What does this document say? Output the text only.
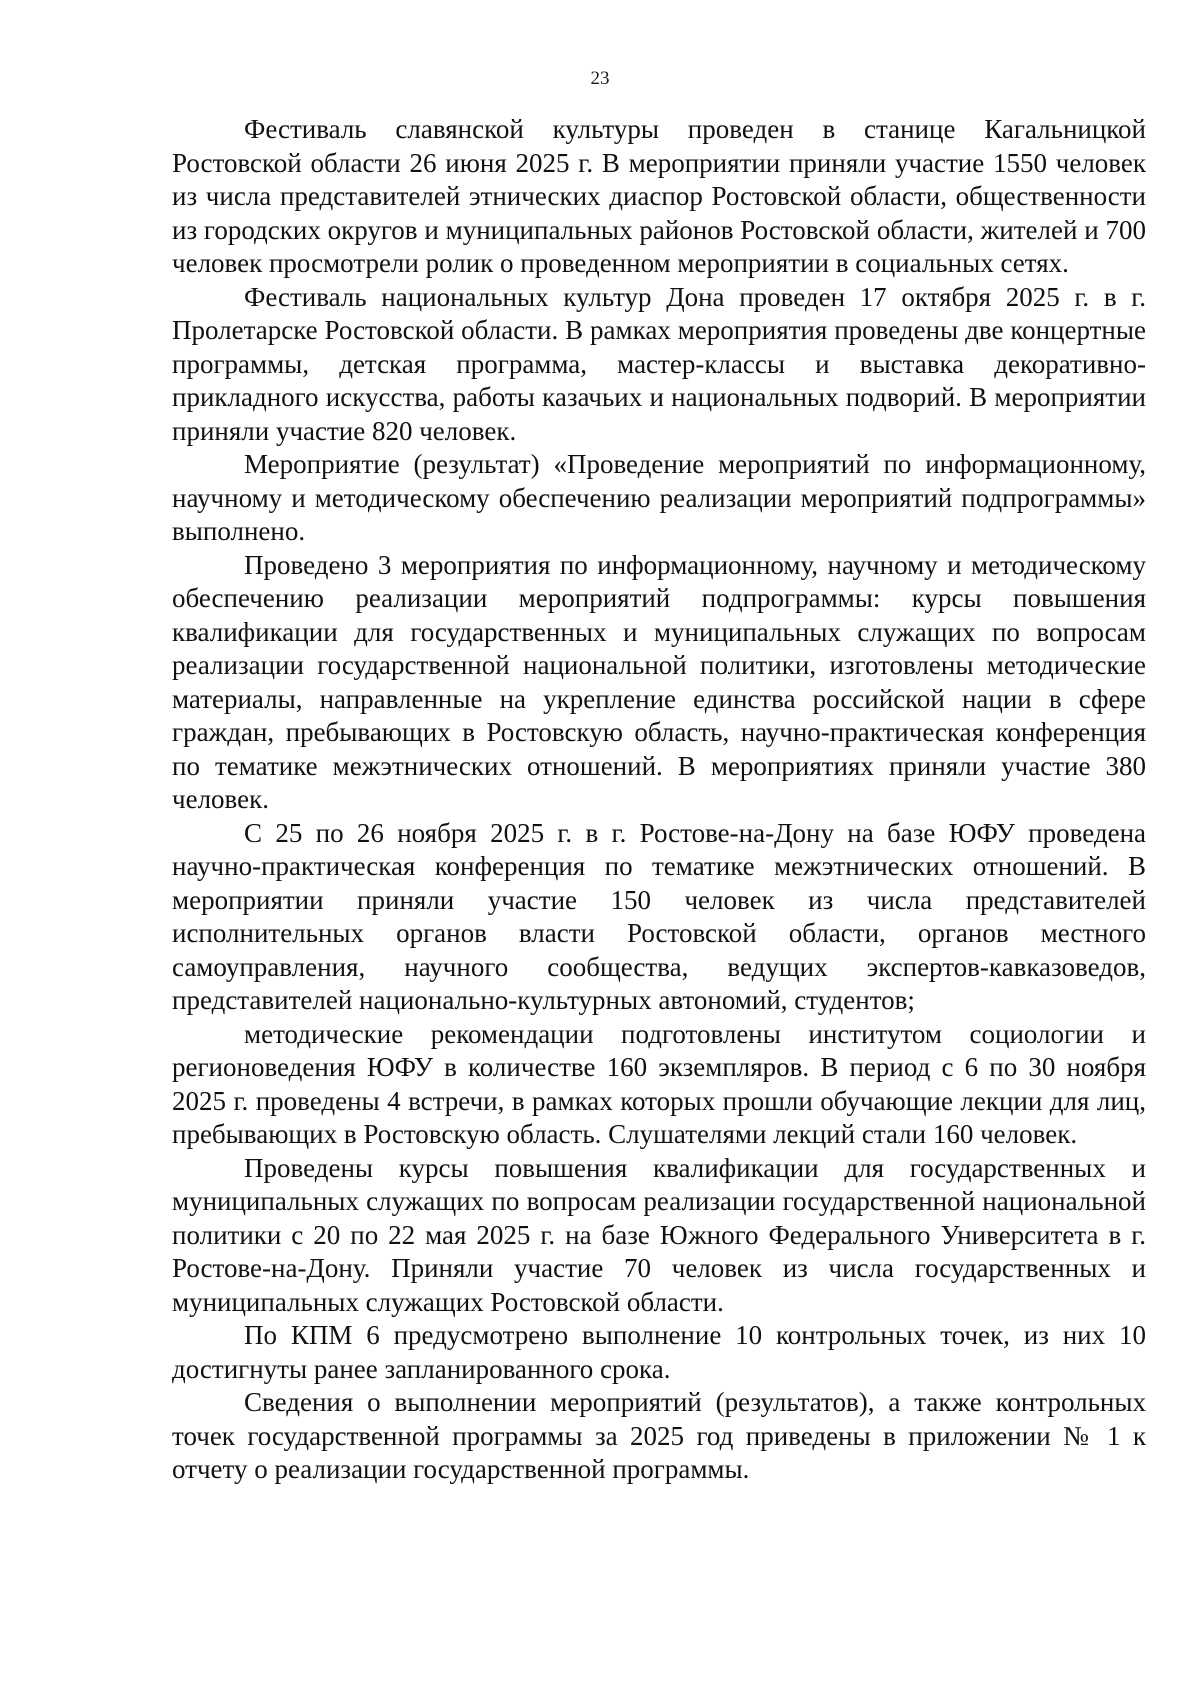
23

Фестиваль славянской культуры проведен в станице Кагальницкой Ростовской области 26 июня 2025 г. В мероприятии приняли участие 1550 человек из числа представителей этнических диаспор Ростовской области, общественности из городских округов и муниципальных районов Ростовской области, жителей и 700 человек просмотрели ролик о проведенном мероприятии в социальных сетях.

Фестиваль национальных культур Дона проведен 17 октября 2025 г. в г. Пролетарске Ростовской области. В рамках мероприятия проведены две концертные программы, детская программа, мастер-классы и выставка декоративно-прикладного искусства, работы казачьих и национальных подворий. В мероприятии приняли участие 820 человек.

Мероприятие (результат) «Проведение мероприятий по информационному, научному и методическому обеспечению реализации мероприятий подпрограммы» выполнено.

Проведено 3 мероприятия по информационному, научному и методическому обеспечению реализации мероприятий подпрограммы: курсы повышения квалификации для государственных и муниципальных служащих по вопросам реализации государственной национальной политики, изготовлены методические материалы, направленные на укрепление единства российской нации в сфере граждан, пребывающих в Ростовскую область, научно-практическая конференция по тематике межэтнических отношений. В мероприятиях приняли участие 380 человек.

С 25 по 26 ноября 2025 г. в г. Ростове-на-Дону на базе ЮФУ проведена научно-практическая конференция по тематике межэтнических отношений. В мероприятии приняли участие 150 человек из числа представителей исполнительных органов власти Ростовской области, органов местного самоуправления, научного сообщества, ведущих экспертов-кавказоведов, представителей национально-культурных автономий, студентов;

методические рекомендации подготовлены институтом социологии и регионоведения ЮФУ в количестве 160 экземпляров. В период с 6 по 30 ноября 2025 г. проведены 4 встречи, в рамках которых прошли обучающие лекции для лиц, пребывающих в Ростовскую область. Слушателями лекций стали 160 человек.

Проведены курсы повышения квалификации для государственных и муниципальных служащих по вопросам реализации государственной национальной политики с 20 по 22 мая 2025 г. на базе Южного Федерального Университета в г. Ростове-на-Дону. Приняли участие 70 человек из числа государственных и муниципальных служащих Ростовской области.

По КПМ 6 предусмотрено выполнение 10 контрольных точек, из них 10 достигнуты ранее запланированного срока.

Сведения о выполнении мероприятий (результатов), а также контрольных точек государственной программы за 2025 год приведены в приложении № 1 к отчету о реализации государственной программы.
